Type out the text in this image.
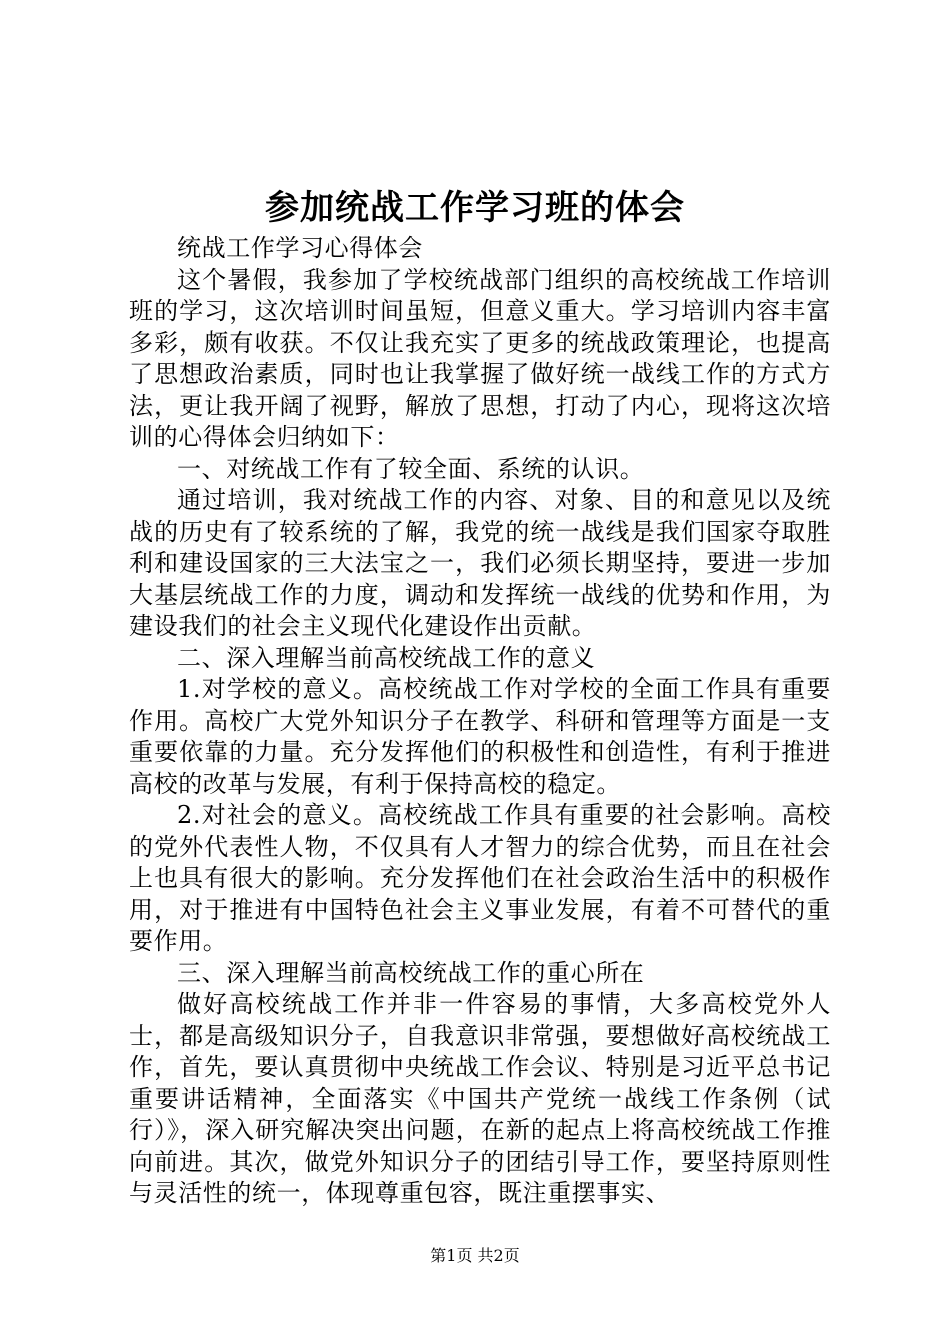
参加统战工作学习班的体会

统战工作学习心得体会

这个暑假，我参加了学校统战部门组织的高校统战工作培训班的学习，这次培训时间虽短，但意义重大。学习培训内容丰富多彩，颇有收获。不仅让我充实了更多的统战政策理论，也提高了思想政治素质，同时也让我掌握了做好统一战线工作的方式方法，更让我开阔了视野，解放了思想，打动了内心，现将这次培训的心得体会归纳如下：

一、对统战工作有了较全面、系统的认识。

通过培训，我对统战工作的内容、对象、目的和意见以及统战的历史有了较系统的了解，我党的统一战线是我们国家夺取胜利和建设国家的三大法宝之一，我们必须长期坚持，要进一步加大基层统战工作的力度，调动和发挥统一战线的优势和作用，为建设我们的社会主义现代化建设作出贡献。

二、深入理解当前高校统战工作的意义

1.对学校的意义。高校统战工作对学校的全面工作具有重要作用。高校广大党外知识分子在教学、科研和管理等方面是一支重要依靠的力量。充分发挥他们的积极性和创造性，有利于推进高校的改革与发展，有利于保持高校的稳定。

2.对社会的意义。高校统战工作具有重要的社会影响。高校的党外代表性人物，不仅具有人才智力的综合优势，而且在社会上也具有很大的影响。充分发挥他们在社会政治生活中的积极作用，对于推进有中国特色社会主义事业发展，有着不可替代的重要作用。

三、深入理解当前高校统战工作的重心所在

做好高校统战工作并非一件容易的事情，大多高校党外人士，都是高级知识分子，自我意识非常强，要想做好高校统战工作，首先，要认真贯彻中央统战工作会议、特别是习近平总书记重要讲话精神，全面落实《中国共产党统一战线工作条例（试行）》，深入研究解决突出问题，在新的起点上将高校统战工作推向前进。其次，做党外知识分子的团结引导工作，要坚持原则性与灵活性的统一，体现尊重包容，既注重摆事实、

第1页 共2页
